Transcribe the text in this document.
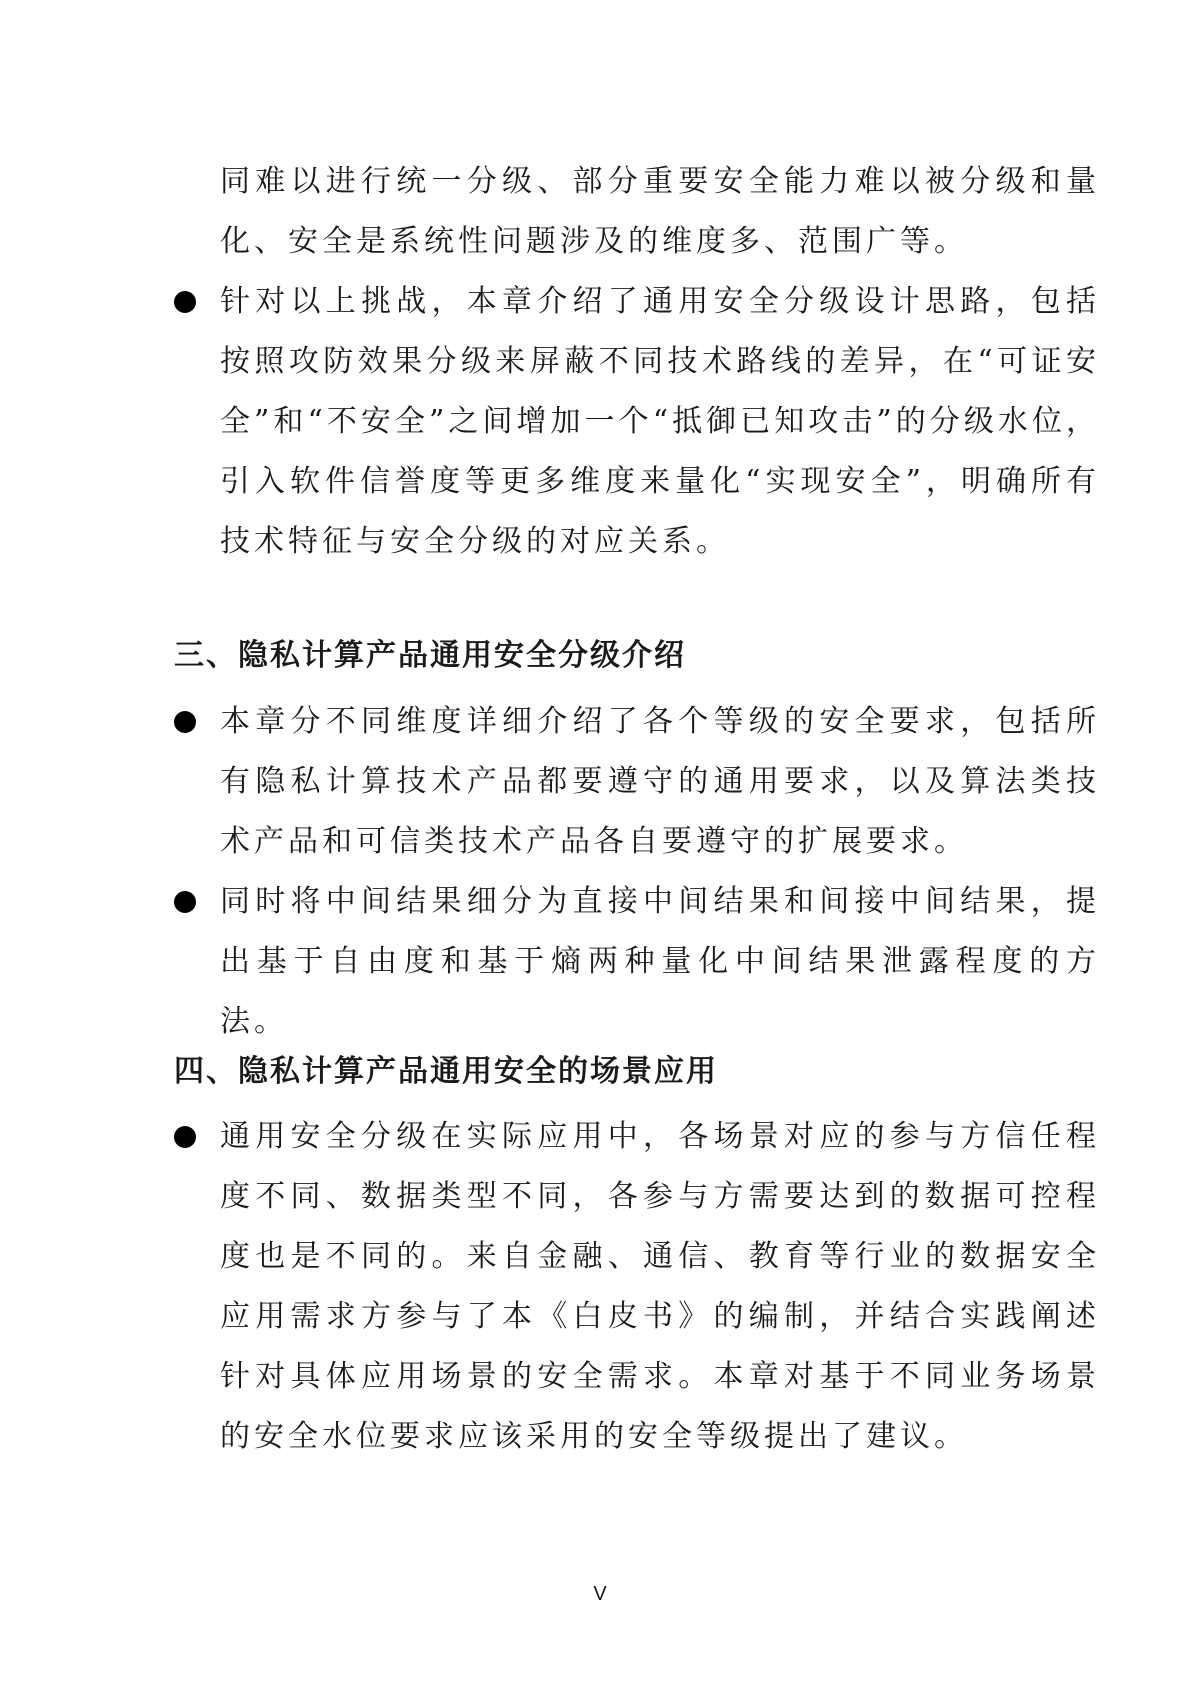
同难以进行统一分级、部分重要安全能力难以被分级和量化、安全是系统性问题涉及的维度多、范围广等。

针对以上挑战，本章介绍了通用安全分级设计思路，包括按照攻防效果分级来屏蔽不同技术路线的差异，在“可证安全”和“不安全”之间增加一个“抵御已知攻击”的分级水位，引入软件信誉度等更多维度来量化“实现安全”，明确所有技术特征与安全分级的对应关系。

三、隐私计算产品通用安全分级介绍

本章分不同维度详细介绍了各个等级的安全要求，包括所有隐私计算技术产品都要遵守的通用要求，以及算法类技术产品和可信类技术产品各自要遵守的扩展要求。

同时将中间结果细分为直接中间结果和间接中间结果，提出基于自由度和基于熵两种量化中间结果泄露程度的方法。

四、隐私计算产品通用安全的场景应用

通用安全分级在实际应用中，各场景对应的参与方信任程度不同、数据类型不同，各参与方需要达到的数据可控程度也是不同的。来自金融、通信、教育等行业的数据安全应用需求方参与了本《白皮书》的编制，并结合实践阐述针对具体应用场景的安全需求。本章对基于不同业务场景的安全水位要求应该采用的安全等级提出了建议。

V
